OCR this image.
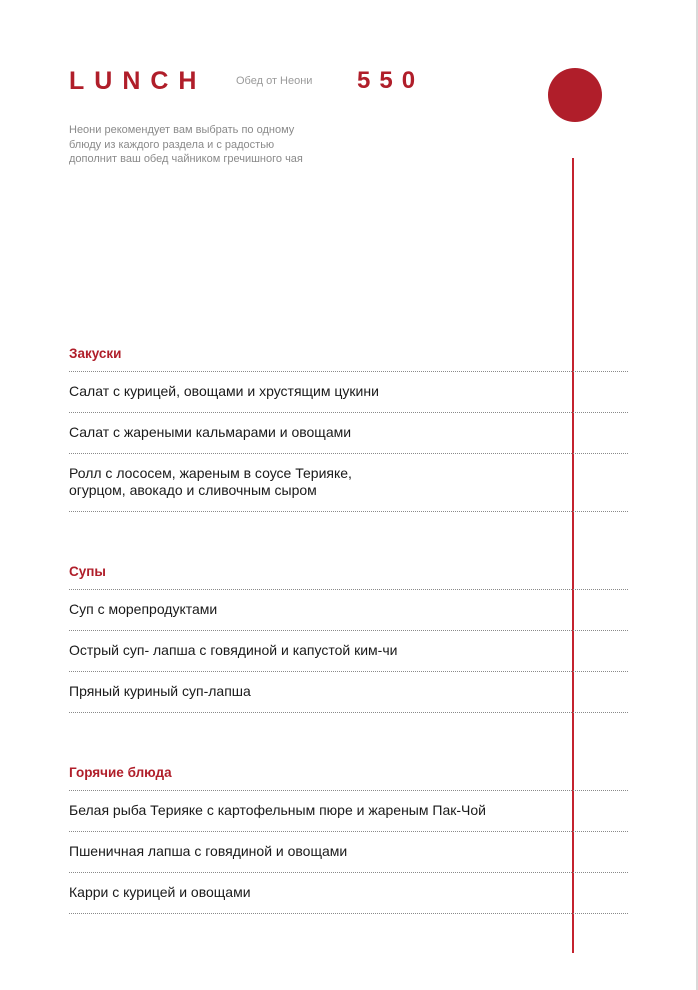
LUNCH	Обед от Неони 550

Неони рекомендует вам выбрать по одному
блюду из каждого раздела и с радостью
дополнит ваш обед чайником гречишного чая

Закуски
Салат с курицей, овощами и хрустящим цукини
Салат с жареными кальмарами и овощами
Ролл с лососем, жареным в соусе Терияке,
огурцом, авокадо и сливочным сыром
Супы
Суп с морепродуктами
Острый суп- лапша с говядиной и капустой ким-чи
Пряный куриный суп-лапша
Горячие блюда
Белая рыба Терияке с картофельным пюре и жареным Пак-Чой
Пшеничная лапша с говядиной и овощами
Карри с курицей и овощами
